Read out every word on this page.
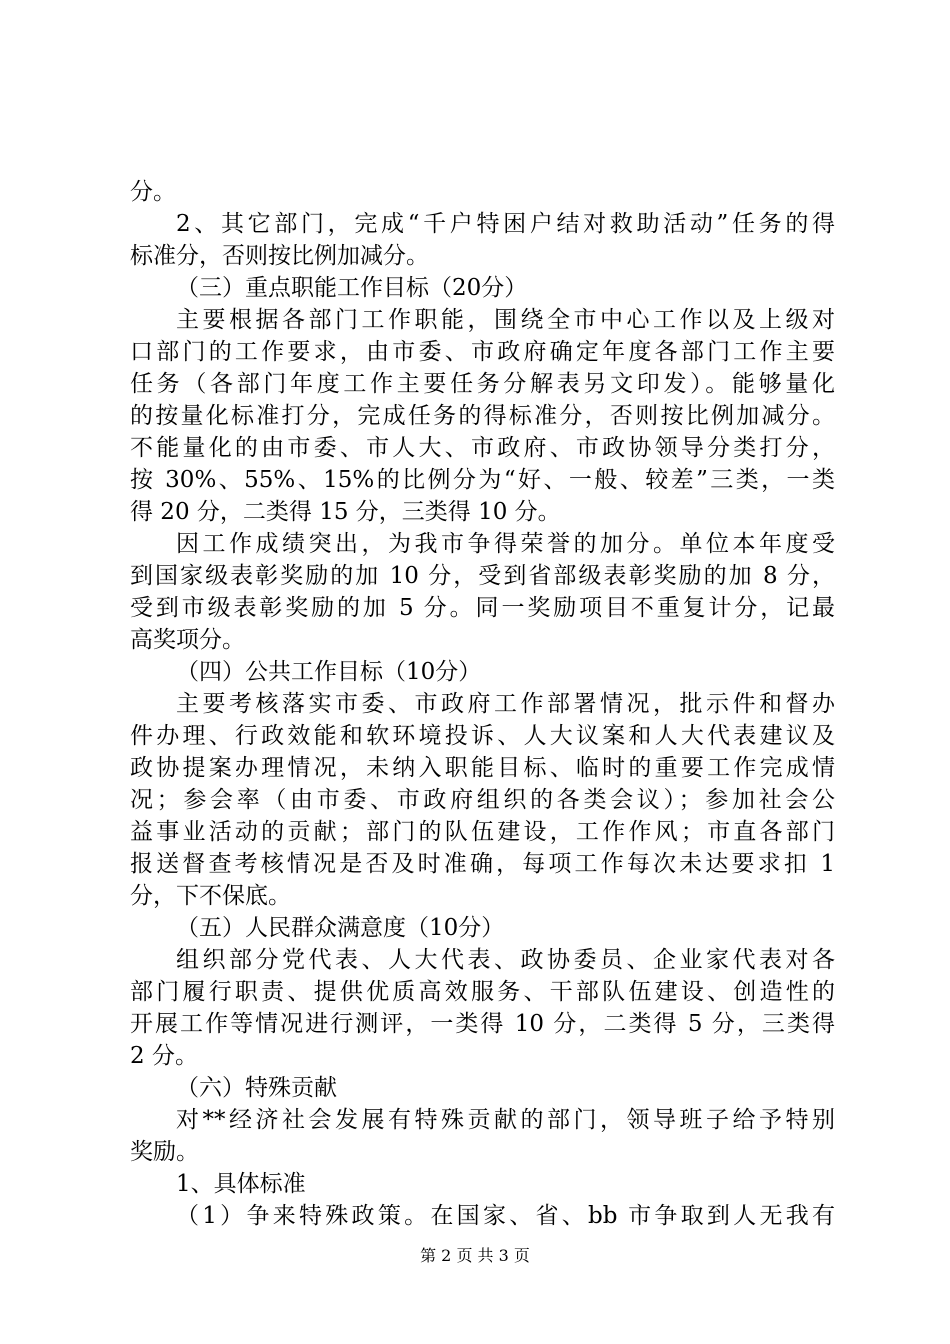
分。
2、其它部门，完成“千户特困户结对救助活动”任务的得
标准分，否则按比例加减分。
（三）重点职能工作目标（20分）
主要根据各部门工作职能，围绕全市中心工作以及上级对
口部门的工作要求，由市委、市政府确定年度各部门工作主要
任务（各部门年度工作主要任务分解表另文印发）。能够量化
的按量化标准打分，完成任务的得标准分，否则按比例加减分。
不能量化的由市委、市人大、市政府、市政协领导分类打分，
按 30%、55%、15%的比例分为“好、一般、较差”三类，一类
得 20 分，二类得 15 分，三类得 10 分。
因工作成绩突出，为我市争得荣誉的加分。单位本年度受
到国家级表彰奖励的加 10 分，受到省部级表彰奖励的加 8 分，
受到市级表彰奖励的加 5 分。同一奖励项目不重复计分，记最
高奖项分。
（四）公共工作目标（10分）
主要考核落实市委、市政府工作部署情况，批示件和督办
件办理、行政效能和软环境投诉、人大议案和人大代表建议及
政协提案办理情况，未纳入职能目标、临时的重要工作完成情
况；参会率（由市委、市政府组织的各类会议）；参加社会公
益事业活动的贡献；部门的队伍建设，工作作风；市直各部门
报送督查考核情况是否及时准确，每项工作每次未达要求扣 1
分，下不保底。
（五）人民群众满意度（10分）
组织部分党代表、人大代表、政协委员、企业家代表对各
部门履行职责、提供优质高效服务、干部队伍建设、创造性的
开展工作等情况进行测评，一类得 10 分，二类得 5 分，三类得
2 分。
（六）特殊贡献
对**经济社会发展有特殊贡献的部门，领导班子给予特别
奖励。
1、具体标准
（1）争来特殊政策。在国家、省、bb 市争取到人无我有
第 2 页 共 3 页
